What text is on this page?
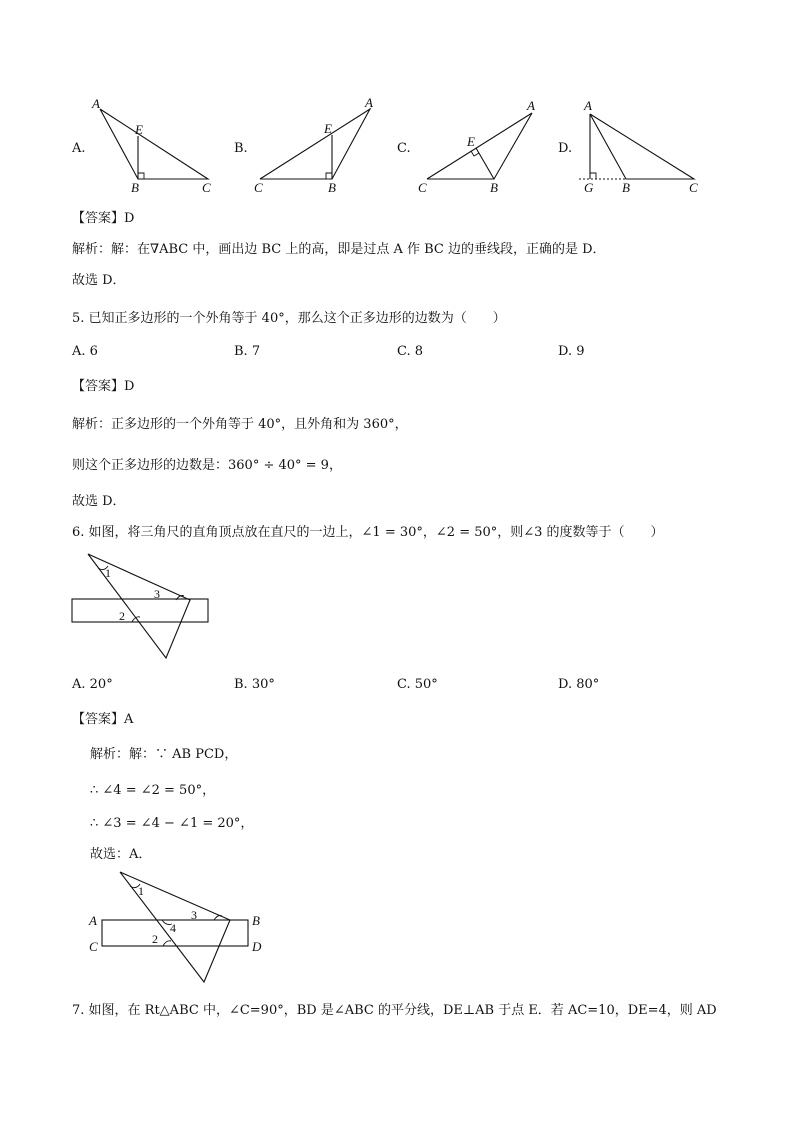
A.
A
E
B	C
B.
A
E
B
C
C.
A
E
B
C
D.
A
G B	C
【答案】D
解析：解：在∇ABC 中，画出边 BC 上的高，即是过点 A 作 BC 边的垂线段，正确的是 D．
故选 D．
5. 已知正多边形的一个外角等于 40°，那么这个正多边形的边数为（　　）
A. 6	B. 7	C. 8	D. 9
【答案】D
解析：正多边形的一个外角等于 40°，且外角和为 360°，
则这个正多边形的边数是：360° ÷ 40° = 9，
故选 D．
6. 如图，将三角尺的直角顶点放在直尺的一边上，∠1 = 30°，∠2 = 50°，则∠3 的度数等于（　　）
1
3
2
A. 20°	B. 30°	C. 50°	D. 80°
【答案】A
解析：解：∵ AB PCD，
∴ ∠4 = ∠2 = 50°，
∴ ∠3 = ∠4 − ∠1 = 20°，
故选：A．
1
3
4
2
A	B
C	D
7. 如图，在 Rt△ABC 中，∠C=90°，BD 是∠ABC 的平分线，DE⊥AB 于点 E．若 AC=10，DE=4，则 AD
